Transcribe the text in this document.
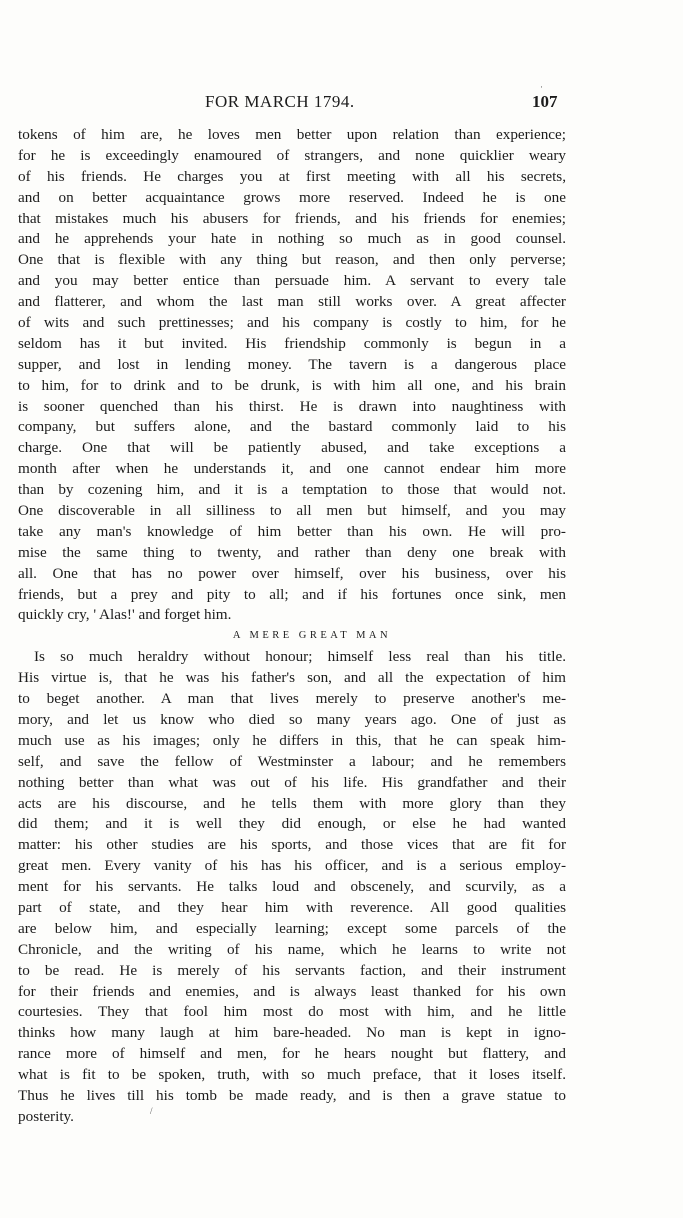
FOR MARCH 1794.	107
tokens of him are, he loves men better upon relation than experience;
for he is exceedingly enamoured of strangers, and none quicklier weary
of his friends. He charges you at first meeting with all his secrets,
and on better acquaintance grows more reserved. Indeed he is one
that mistakes much his abusers for friends, and his friends for enemies;
and he apprehends your hate in nothing so much as in good counsel.
One that is flexible with any thing but reason, and then only perverse;
and you may better entice than persuade him. A servant to every tale
and flatterer, and whom the last man still works over. A great affecter
of wits and such prettinesses; and his company is costly to him, for he
seldom has it but invited. His friendship commonly is begun in a
supper, and lost in lending money. The tavern is a dangerous place
to him, for to drink and to be drunk, is with him all one, and his brain
is sooner quenched than his thirst. He is drawn into naughtiness with
company, but suffers alone, and the bastard commonly laid to his
charge. One that will be patiently abused, and take exceptions a
month after when he understands it, and one cannot endear him more
than by cozening him, and it is a temptation to those that would not.
One discoverable in all silliness to all men but himself, and you may
take any man's knowledge of him better than his own. He will pro-
mise the same thing to twenty, and rather than deny one break with
all. One that has no power over himself, over his business, over his
friends, but a prey and pity to all; and if his fortunes once sink, men
quickly cry, ' Alas!' and forget him.
A MERE GREAT MAN
Is so much heraldry without honour; himself less real than his title.
His virtue is, that he was his father's son, and all the expectation of him
to beget another. A man that lives merely to preserve another's me-
mory, and let us know who died so many years ago. One of just as
much use as his images; only he differs in this, that he can speak him-
self, and save the fellow of Westminster a labour; and he remembers
nothing better than what was out of his life. His grandfather and their
acts are his discourse, and he tells them with more glory than they
did them; and it is well they did enough, or else he had wanted
matter: his other studies are his sports, and those vices that are fit for
great men. Every vanity of his has his officer, and is a serious employ-
ment for his servants. He talks loud and obscenely, and scurvily, as a
part of state, and they hear him with reverence. All good qualities
are below him, and especially learning; except some parcels of the
Chronicle, and the writing of his name, which he learns to write not
to be read. He is merely of his servants faction, and their instrument
for their friends and enemies, and is always least thanked for his own
courtesies. They that fool him most do most with him, and he little
thinks how many laugh at him bare-headed. No man is kept in igno-
rance more of himself and men, for he hears nought but flattery, and
what is fit to be spoken, truth, with so much preface, that it loses itself.
Thus he lives till his tomb be made ready, and is then a grave statue to
posterity.
·
/
